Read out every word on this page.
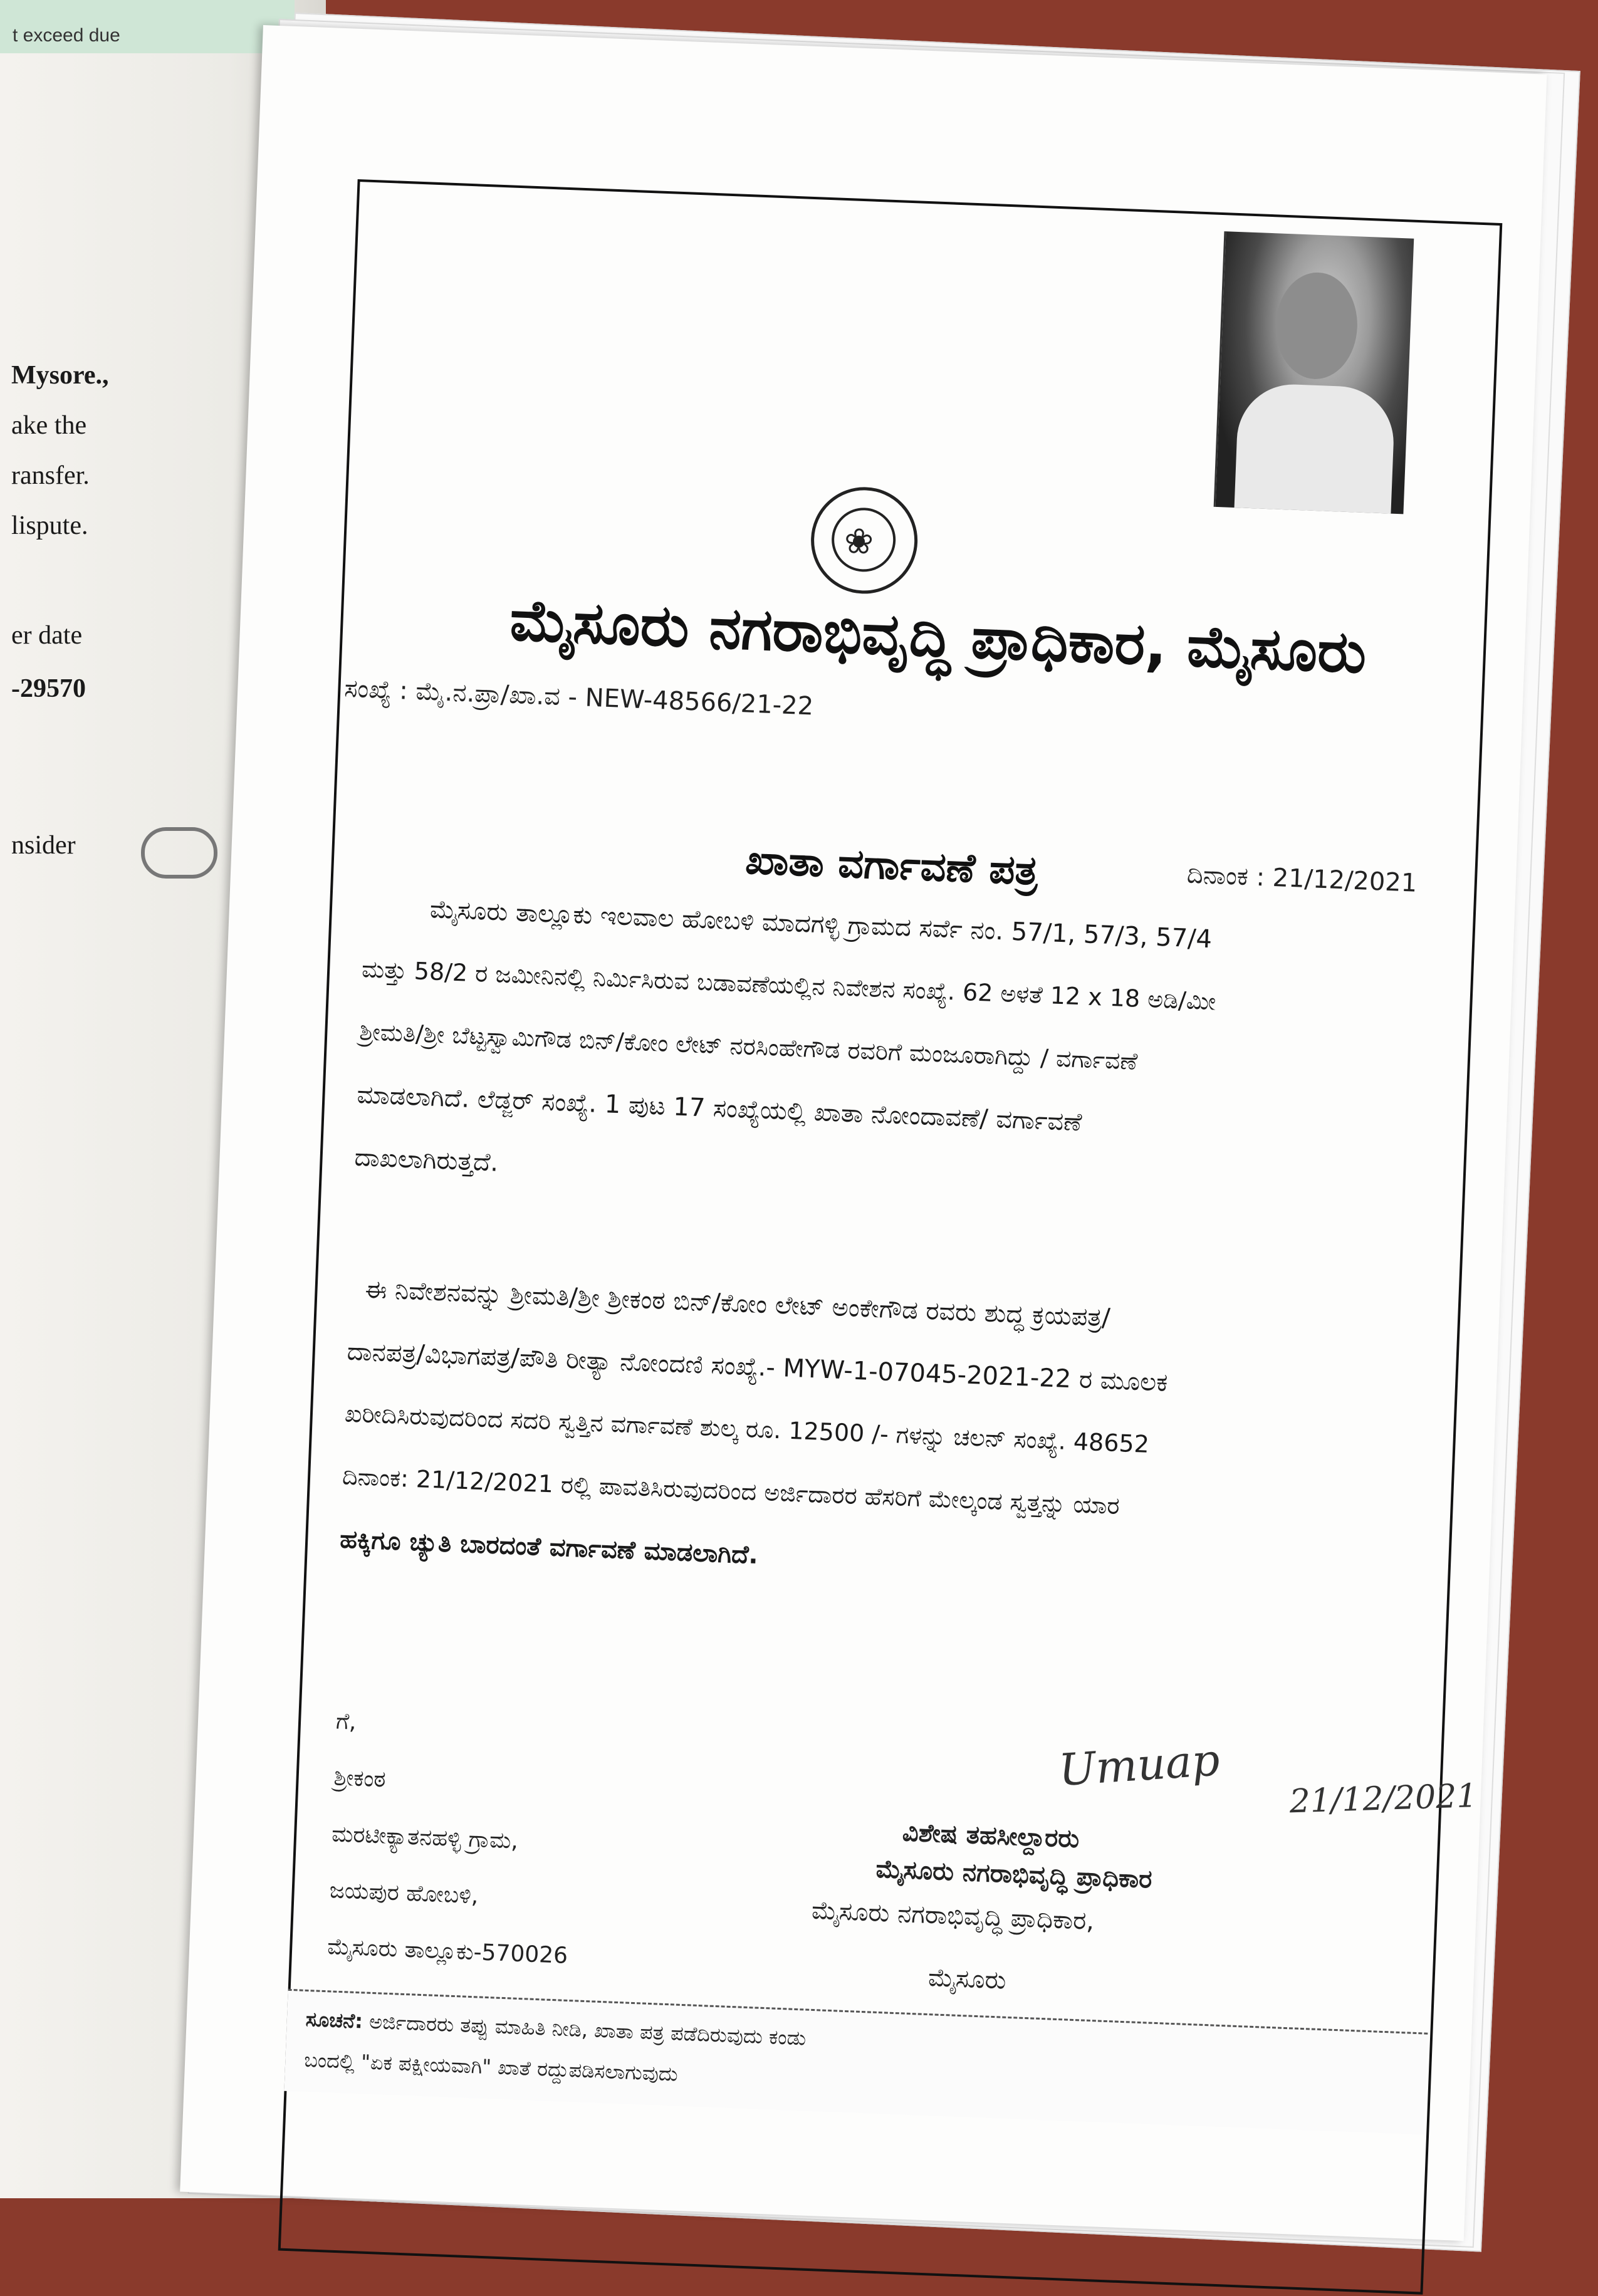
t exceed due
Mysore.,
ake the
ransfer.
lispute.
er date
-29570
nsider
❀
ಮೈಸೂರು ನಗರಾಭಿವೃದ್ಧಿ ಪ್ರಾಧಿಕಾರ, ಮೈಸೂರು
ಸಂಖ್ಯೆ : ಮೈ.ನ.ಪ್ರಾ/ಖಾ.ವ - NEW-48566/21-22
ಖಾತಾ ವರ್ಗಾವಣೆ ಪತ್ರ	ದಿನಾಂಕ : 21/12/2021
ಮೈಸೂರು ತಾಲ್ಲೂಕು ಇಲವಾಲ ಹೋಬಳಿ ಮಾದಗಳ್ಳಿ ಗ್ರಾಮದ ಸರ್ವೆ ನಂ. 57/1, 57/3, 57/4
ಮತ್ತು 58/2 ರ ಜಮೀನಿನಲ್ಲಿ ನಿರ್ಮಿಸಿರುವ ಬಡಾವಣೆಯಲ್ಲಿನ ನಿವೇಶನ ಸಂಖ್ಯೆ. 62 ಅಳತೆ 12 x 18 ಅಡಿ/ಮೀ
ಶ್ರೀಮತಿ/ಶ್ರೀ ಬೆಟ್ಟಸ್ವಾಮಿಗೌಡ ಬಿನ್/ಕೋಂ ಲೇಟ್ ನರಸಿಂಹೇಗೌಡ ರವರಿಗೆ ಮಂಜೂರಾಗಿದ್ದು / ವರ್ಗಾವಣೆ
ಮಾಡಲಾಗಿದೆ. ಲೆಡ್ಜರ್ ಸಂಖ್ಯೆ. 1 ಪುಟ 17 ಸಂಖ್ಯೆಯಲ್ಲಿ ಖಾತಾ ನೋಂದಾವಣೆ/ ವರ್ಗಾವಣೆ
ದಾಖಲಾಗಿರುತ್ತದೆ.
ಈ ನಿವೇಶನವನ್ನು ಶ್ರೀಮತಿ/ಶ್ರೀ ಶ್ರೀಕಂಠ ಬಿನ್/ಕೋಂ ಲೇಟ್ ಅಂಕೇಗೌಡ ರವರು ಶುದ್ಧ ಕ್ರಯಪತ್ರ/
ದಾನಪತ್ರ/ವಿಭಾಗಪತ್ರ/ಪೌತಿ ರೀತ್ಯಾ ನೋಂದಣಿ ಸಂಖ್ಯೆ.- MYW-1-07045-2021-22 ರ ಮೂಲಕ
ಖರೀದಿಸಿರುವುದರಿಂದ ಸದರಿ ಸ್ವತ್ತಿನ ವರ್ಗಾವಣೆ ಶುಲ್ಕ ರೂ. 12500 /- ಗಳನ್ನು ಚಲನ್ ಸಂಖ್ಯೆ. 48652
ದಿನಾಂಕ: 21/12/2021 ರಲ್ಲಿ ಪಾವತಿಸಿರುವುದರಿಂದ ಅರ್ಜಿದಾರರ ಹೆಸರಿಗೆ ಮೇಲ್ಕಂಡ ಸ್ವತ್ತನ್ನು ಯಾರ
ಹಕ್ಕಿಗೂ ಚ್ಯುತಿ ಬಾರದಂತೆ ವರ್ಗಾವಣೆ ಮಾಡಲಾಗಿದೆ.
ಗೆ,
ಶ್ರೀಕಂಠ
ಮರಟೀಕ್ಯಾತನಹಳ್ಳಿ ಗ್ರಾಮ,
ಜಯಪುರ ಹೋಬಳಿ,
ಮೈಸೂರು ತಾಲ್ಲೂಕು-570026
Umuap
21/12/2021
ವಿಶೇಷ ತಹಸೀಲ್ದಾರರು
ಮೈಸೂರು ನಗರಾಭಿವೃದ್ಧಿ ಪ್ರಾಧಿಕಾರ
ಮೈಸೂರು ನಗರಾಭಿವೃದ್ಧಿ ಪ್ರಾಧಿಕಾರ,
ಮೈಸೂರು
ಸೂಚನೆ: ಅರ್ಜಿದಾರರು ತಪ್ಪು ಮಾಹಿತಿ ನೀಡಿ, ಖಾತಾ ಪತ್ರ ಪಡೆದಿರುವುದು ಕಂಡು
ಬಂದಲ್ಲಿ "ಏಕ ಪಕ್ಷೀಯವಾಗಿ" ಖಾತೆ ರದ್ದುಪಡಿಸಲಾಗುವುದು
